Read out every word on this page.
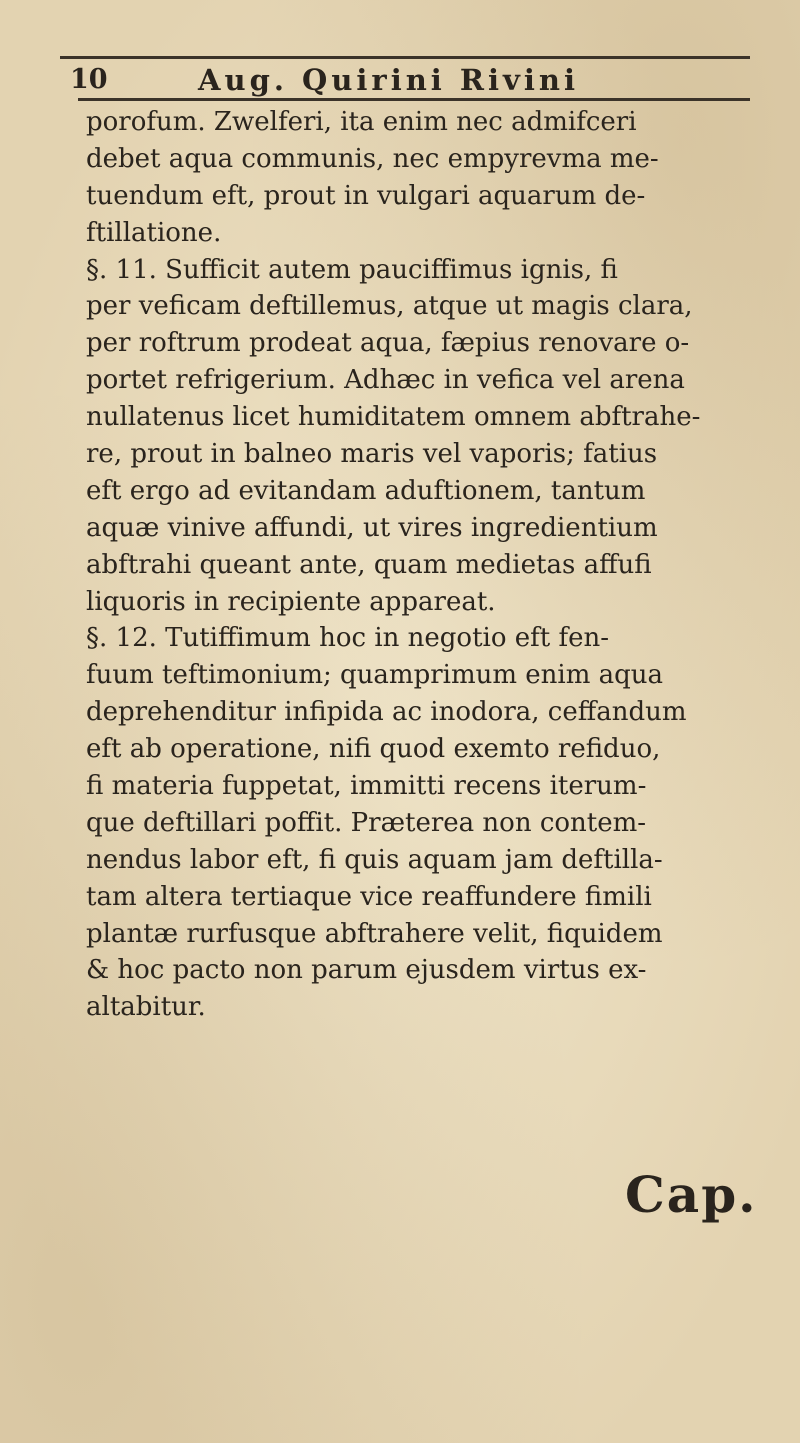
10	Aug. Quirini Rivini
porofum. Zwelferi, ita enim nec admifceri
debet aqua communis, nec empyrevma me-
tuendum eft, prout in vulgari aquarum de-
ftillatione.
§. 11. Sufficit autem pauciffimus ignis, fi
per veficam deftillemus, atque ut magis clara,
per roftrum prodeat aqua, fæpius renovare o-
portet refrigerium. Adhæc in vefica vel arena
nullatenus licet humiditatem omnem abftrahe-
re, prout in balneo maris vel vaporis; fatius
eft ergo ad evitandam aduftionem, tantum
aquæ vinive affundi, ut vires ingredientium
abftrahi queant ante, quam medietas affufi
liquoris in recipiente appareat.
§. 12. Tutiffimum hoc in negotio eft fen-
fuum teftimonium; quamprimum enim aqua
deprehenditur infipida ac inodora, ceffandum
eft ab operatione, nifi quod exemto refiduo,
fi materia fuppetat, immitti recens iterum-
que deftillari poffit. Præterea non contem-
nendus labor eft, fi quis aquam jam deftilla-
tam altera tertiaque vice reaffundere fimili
plantæ rurfusque abftrahere velit, fiquidem
& hoc pacto non parum ejusdem virtus ex-
altabitur.
Cap.
